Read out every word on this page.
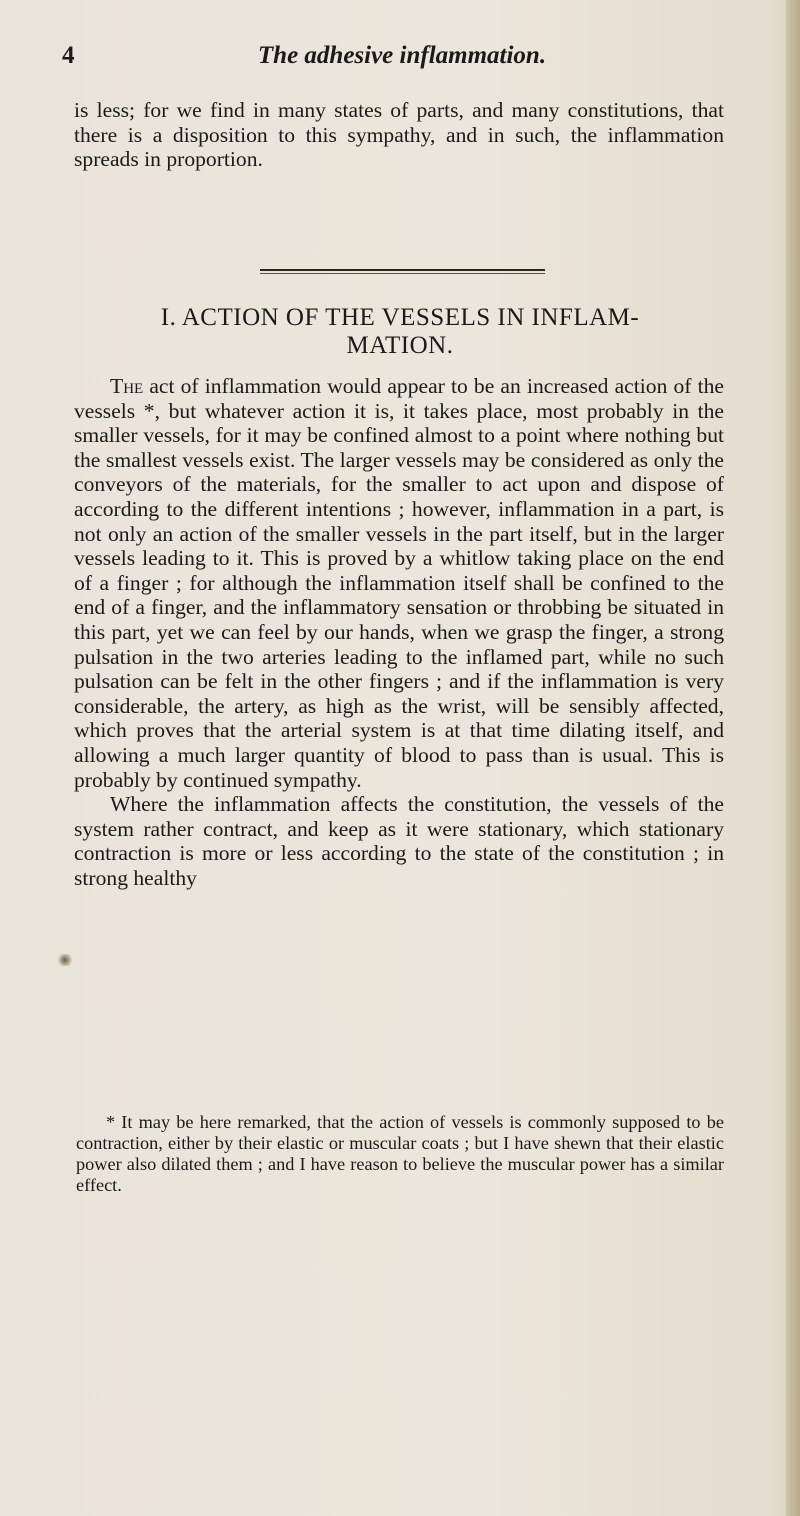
4	The adhesive inflammation.

is less; for we find in many states of parts, and many constitutions, that there is a disposition to this sympathy, and in such, the inflammation spreads in proportion.

I. ACTION OF THE VESSELS IN INFLAM-
MATION.

The act of inflammation would appear to be an increased action of the vessels *, but whatever action it is, it takes place, most probably in the smaller vessels, for it may be confined almost to a point where nothing but the smallest vessels exist. The larger vessels may be considered as only the conveyors of the materials, for the smaller to act upon and dispose of according to the different intentions ; however, inflammation in a part, is not only an action of the smaller vessels in the part itself, but in the larger vessels leading to it. This is proved by a whitlow taking place on the end of a finger ; for although the inflammation itself shall be confined to the end of a finger, and the inflammatory sensation or throbbing be situated in this part, yet we can feel by our hands, when we grasp the finger, a strong pulsation in the two arteries leading to the inflamed part, while no such pulsation can be felt in the other fingers ; and if the inflammation is very considerable, the artery, as high as the wrist, will be sensibly affected, which proves that the arterial system is at that time dilating itself, and allowing a much larger quantity of blood to pass than is usual. This is probably by continued sympathy.

Where the inflammation affects the constitution, the vessels of the system rather contract, and keep as it were stationary, which stationary contraction is more or less according to the state of the constitution ; in strong healthy

* It may be here remarked, that the action of vessels is commonly supposed to be contraction, either by their elastic or muscular coats ; but I have shewn that their elastic power also dilated them ; and I have reason to believe the muscular power has a similar effect.
